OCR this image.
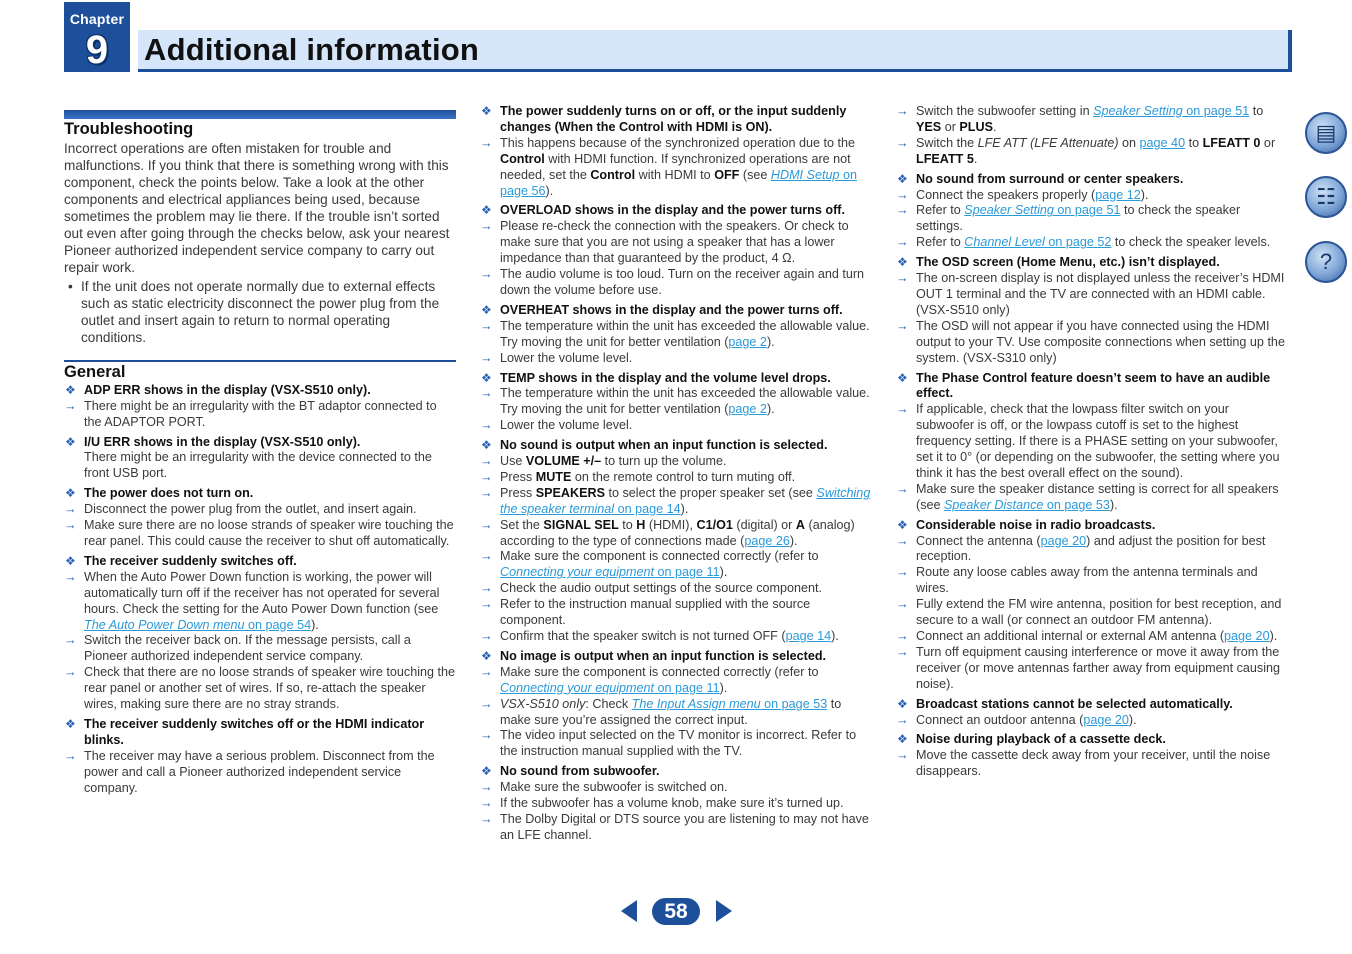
Chapter
9	Additional information
Troubleshooting

Incorrect operations are often mistaken for trouble and malfunctions. If you think that there is something wrong with this component, check the points below. Take a look at the other components and electrical appliances being used, because sometimes the problem may lie there. If the trouble isn’t sorted out even after going through the checks below, ask your nearest Pioneer authorized independent service company to carry out repair work.

• If the unit does not operate normally due to external effects such as static electricity disconnect the power plug from the outlet and insert again to return to normal operating conditions.
General
❖ ADP ERR shows in the display (VSX-S510 only).
→ There might be an irregularity with the BT adaptor connected to the ADAPTOR PORT.
❖ I/U ERR shows in the display (VSX-S510 only).
There might be an irregularity with the device connected to the front USB port.
❖ The power does not turn on.
→ Disconnect the power plug from the outlet, and insert again.
→ Make sure there are no loose strands of speaker wire touching the rear panel. This could cause the receiver to shut off automatically.
❖ The receiver suddenly switches off.
→ When the Auto Power Down function is working, the power will automatically turn off if the receiver has not operated for several hours. Check the setting for the Auto Power Down function (see The Auto Power Down menu on page 54).
→ Switch the receiver back on. If the message persists, call a Pioneer authorized independent service company.
→ Check that there are no loose strands of speaker wire touching the rear panel or another set of wires. If so, re-attach the speaker wires, making sure there are no stray strands.
❖ The receiver suddenly switches off or the HDMI indicator blinks.
→ The receiver may have a serious problem. Disconnect from the power and call a Pioneer authorized independent service company.
❖ The power suddenly turns on or off, or the input suddenly changes (When the Control with HDMI is ON).
→ This happens because of the synchronized operation due to the Control with HDMI function. If synchronized operations are not needed, set the Control with HDMI to OFF (see HDMI Setup on page 56).
❖ OVERLOAD shows in the display and the power turns off.
→ Please re-check the connection with the speakers. Or check to make sure that you are not using a speaker that has a lower impedance than that guaranteed by the product, 4 Ω.
→ The audio volume is too loud. Turn on the receiver again and turn down the volume before use.
❖ OVERHEAT shows in the display and the power turns off.
→ The temperature within the unit has exceeded the allowable value. Try moving the unit for better ventilation (page 2).
→ Lower the volume level.
❖ TEMP shows in the display and the volume level drops.
→ The temperature within the unit has exceeded the allowable value. Try moving the unit for better ventilation (page 2).
→ Lower the volume level.
❖ No sound is output when an input function is selected.
→ Use VOLUME +/– to turn up the volume.
→ Press MUTE on the remote control to turn muting off.
→ Press SPEAKERS to select the proper speaker set (see Switching the speaker terminal on page 14).
→ Set the SIGNAL SEL to H (HDMI), C1/O1 (digital) or A (analog) according to the type of connections made (page 26).
→ Make sure the component is connected correctly (refer to Connecting your equipment on page 11).
→ Check the audio output settings of the source component.
→ Refer to the instruction manual supplied with the source component.
→ Confirm that the speaker switch is not turned OFF (page 14).
❖ No image is output when an input function is selected.
→ Make sure the component is connected correctly (refer to Connecting your equipment on page 11).
→ VSX-S510 only: Check The Input Assign menu on page 53 to make sure you’re assigned the correct input.
→ The video input selected on the TV monitor is incorrect. Refer to the instruction manual supplied with the TV.
❖ No sound from subwoofer.
→ Make sure the subwoofer is switched on.
→ If the subwoofer has a volume knob, make sure it’s turned up.
→ The Dolby Digital or DTS source you are listening to may not have an LFE channel.
→ Switch the subwoofer setting in Speaker Setting on page 51 to YES or PLUS.
→ Switch the LFE ATT (LFE Attenuate) on page 40 to LFEATT 0 or LFEATT 5.
❖ No sound from surround or center speakers.
→ Connect the speakers properly (page 12).
→ Refer to Speaker Setting on page 51 to check the speaker settings.
→ Refer to Channel Level on page 52 to check the speaker levels.
❖ The OSD screen (Home Menu, etc.) isn’t displayed.
→ The on-screen display is not displayed unless the receiver’s HDMI OUT 1 terminal and the TV are connected with an HDMI cable. (VSX-S510 only)
→ The OSD will not appear if you have connected using the HDMI output to your TV. Use composite connections when setting up the system. (VSX-S310 only)
❖ The Phase Control feature doesn’t seem to have an audible effect.
→ If applicable, check that the lowpass filter switch on your subwoofer is off, or the lowpass cutoff is set to the highest frequency setting. If there is a PHASE setting on your subwoofer, set it to 0° (or depending on the subwoofer, the setting where you think it has the best overall effect on the sound).
→ Make sure the speaker distance setting is correct for all speakers (see Speaker Distance on page 53).
❖ Considerable noise in radio broadcasts.
→ Connect the antenna (page 20) and adjust the position for best reception.
→ Route any loose cables away from the antenna terminals and wires.
→ Fully extend the FM wire antenna, position for best reception, and secure to a wall (or connect an outdoor FM antenna).
→ Connect an additional internal or external AM antenna (page 20).
→ Turn off equipment causing interference or move it away from the receiver (or move antennas farther away from equipment causing noise).
❖ Broadcast stations cannot be selected automatically.
→ Connect an outdoor antenna (page 20).
❖ Noise during playback of a cassette deck.
→ Move the cassette deck away from your receiver, until the noise disappears.
▤
☷
?
58
